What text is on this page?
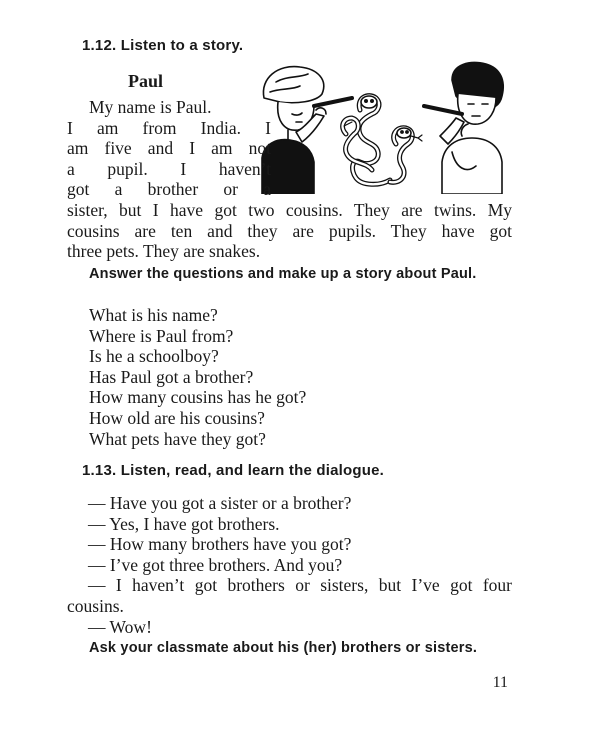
1.12. Listen to a story.
Paul
My name is Paul.
I am from India. I
am five and I am not
a pupil. I haven’t
got a brother or a
sister, but I have got two cousins. They are twins. My
cousins are ten and they are pupils. They have got
three pets. They are snakes.
Answer the questions and make up a story about Paul.
What is his name?
Where is Paul from?
Is he a schoolboy?
Has Paul got a brother?
How many cousins has he got?
How old are his cousins?
What pets have they got?
1.13. Listen, read, and learn the dialogue.
— Have you got a sister or a brother?
— Yes, I have got brothers.
— How many brothers have you got?
— I’ve got three brothers. And you?
— I haven’t got brothers or sisters, but I’ve got four
cousins.
— Wow!
Ask your classmate about his (her) brothers or sisters.
11
